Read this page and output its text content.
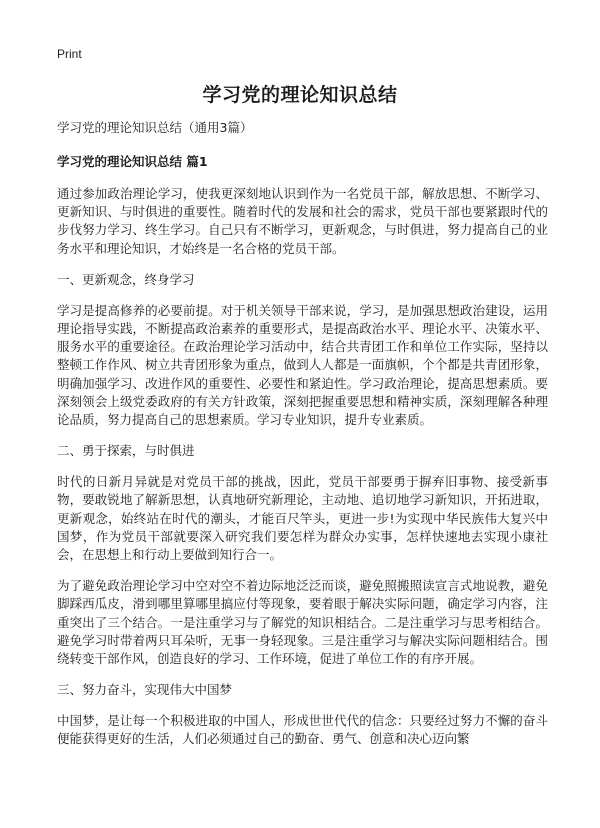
Print
学习党的理论知识总结
学习党的理论知识总结（通用3篇）
学习党的理论知识总结 篇1

通过参加政治理论学习，使我更深刻地认识到作为一名党员干部，解放思想、不断学习、更新知识、与时俱进的重要性。随着时代的发展和社会的需求，党员干部也要紧跟时代的步伐努力学习、终生学习。自己只有不断学习，更新观念，与时俱进，努力提高自己的业务水平和理论知识，才始终是一名合格的党员干部。

一、更新观念，终身学习

学习是提高修养的必要前提。对于机关领导干部来说，学习，是加强思想政治建设，运用理论指导实践，不断提高政治素养的重要形式，是提高政治水平、理论水平、决策水平、服务水平的重要途径。在政治理论学习活动中，结合共青团工作和单位工作实际，坚持以整顿工作作风、树立共青团形象为重点，做到人人都是一面旗帜，个个都是共青团形象，明确加强学习、改进作风的重要性、必要性和紧迫性。学习政治理论，提高思想素质。要深刻领会上级党委政府的有关方针政策，深刻把握重要思想和精神实质，深刻理解各种理论品质，努力提高自己的思想素质。学习专业知识，提升专业素质。

二、勇于探索，与时俱进

时代的日新月异就是对党员干部的挑战，因此，党员干部要勇于摒弃旧事物、接受新事物，要敢锐地了解新思想，认真地研究新理论，主动地、追切地学习新知识，开拓进取，更新观念，始终站在时代的潮头，才能百尺竿头，更进一步!为实现中华民族伟大复兴中国梦，作为党员干部就要深入研究我们要怎样为群众办实事，怎样快速地去实现小康社会，在思想上和行动上要做到知行合一。

为了避免政治理论学习中空对空不着边际地泛泛而谈，避免照搬照读宣言式地说教，避免脚踩西瓜皮，滑到哪里算哪里搞应付等现象，要着眼于解决实际问题，确定学习内容，注重突出了三个结合。一是注重学习与了解党的知识相结合。二是注重学习与思考相结合。避免学习时带着两只耳朵听，无事一身轻现象。三是注重学习与解决实际问题相结合。围绕转变干部作风，创造良好的学习、工作环境，促进了单位工作的有序开展。

三、努力奋斗，实现伟大中国梦

中国梦，是让每一个积极进取的中国人，形成世世代代的信念：只要经过努力不懈的奋斗便能获得更好的生活，人们必须通过自己的勤奋、勇气、创意和决心迈向繁
